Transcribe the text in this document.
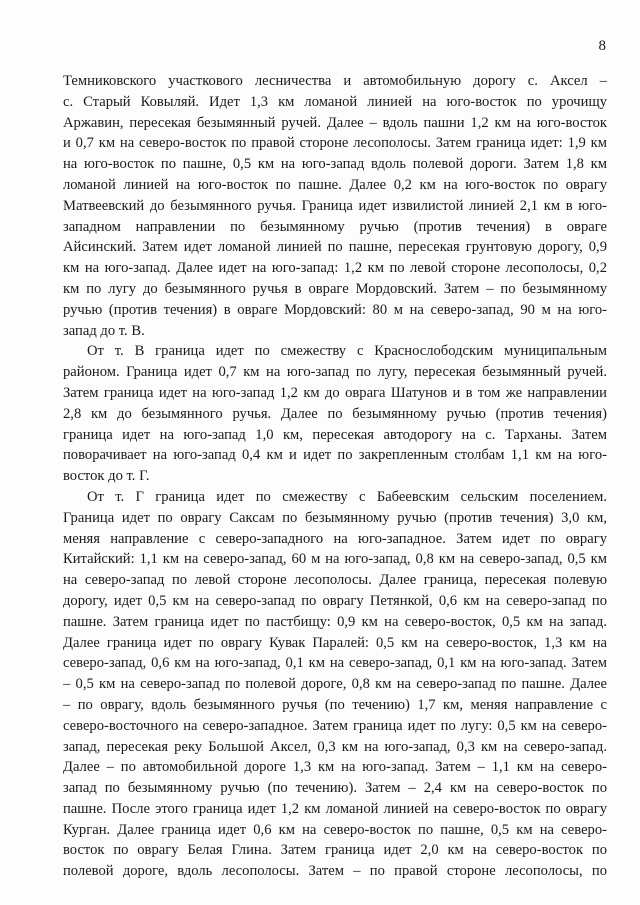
8

Темниковского участкового лесничества и автомобильную дорогу с. Аксел –

с. Старый Ковыляй. Идет 1,3 км ломаной линией на юго-восток по урочищу

Аржавин, пересекая безымянный ручей. Далее – вдоль пашни 1,2 км на юго-восток

и 0,7 км на северо-восток по правой стороне лесополосы. Затем граница идет: 1,9 км

на юго-восток по пашне, 0,5 км на юго-запад вдоль полевой дороги. Затем 1,8 км

ломаной линией на юго-восток по пашне. Далее 0,2 км на юго-восток по оврагу

Матвеевский до безымянного ручья. Граница идет извилистой линией 2,1 км в юго-

западном направлении по безымянному ручью (против течения) в овраге

Айсинский. Затем идет ломаной линией по пашне, пересекая грунтовую дорогу, 0,9

км на юго-запад. Далее идет на юго-запад: 1,2 км по левой стороне лесополосы, 0,2

км по лугу до безымянного ручья в овраге Мордовский. Затем – по безымянному

ручью (против течения) в овраге Мордовский: 80 м на северо-запад, 90 м на юго-

запад до т. В.

От т. В граница идет по смежеству с Краснослободским муниципальным

районом. Граница идет 0,7 км на юго-запад по лугу, пересекая безымянный ручей.

Затем граница идет на юго-запад 1,2 км до оврага Шатунов и в том же направлении

2,8 км до безымянного ручья. Далее по безымянному ручью (против течения)

граница идет на юго-запад 1,0 км, пересекая автодорогу на с. Тарханы. Затем

поворачивает на юго-запад 0,4 км и идет по закрепленным столбам 1,1 км на юго-

восток до т. Г.

От т. Г граница идет по смежеству с Бабеевским сельским поселением.

Граница идет по оврагу Саксам по безымянному ручью (против течения) 3,0 км,

меняя направление с северо-западного на юго-западное. Затем идет по оврагу

Китайский: 1,1 км на северо-запад, 60 м на юго-запад, 0,8 км на северо-запад, 0,5 км

на северо-запад по левой стороне лесополосы. Далее граница, пересекая полевую

дорогу, идет 0,5 км на северо-запад по оврагу Петянкой, 0,6 км на северо-запад по

пашне. Затем граница идет по пастбищу: 0,9 км на северо-восток, 0,5 км на запад.

Далее граница идет по оврагу Кувак Паралей: 0,5 км на северо-восток, 1,3 км на

северо-запад, 0,6 км на юго-запад, 0,1 км на северо-запад, 0,1 км на юго-запад. Затем

– 0,5 км на северо-запад по полевой дороге, 0,8 км на северо-запад по пашне. Далее

– по оврагу, вдоль безымянного ручья (по течению) 1,7 км, меняя направление с

северо-восточного на северо-западное. Затем граница идет по лугу: 0,5 км на северо-

запад, пересекая реку Большой Аксел, 0,3 км на юго-запад, 0,3 км на северо-запад.

Далее – по автомобильной дороге 1,3 км на юго-запад. Затем – 1,1 км на северо-

запад по безымянному ручью (по течению). Затем – 2,4 км на северо-восток по

пашне. После этого граница идет 1,2 км ломаной линией на северо-восток по оврагу

Курган. Далее граница идет 0,6 км на северо-восток по пашне, 0,5 км на северо-

восток по оврагу Белая Глина. Затем граница идет 2,0 км на северо-восток по

полевой дороге, вдоль лесополосы. Затем – по правой стороне лесополосы, по
